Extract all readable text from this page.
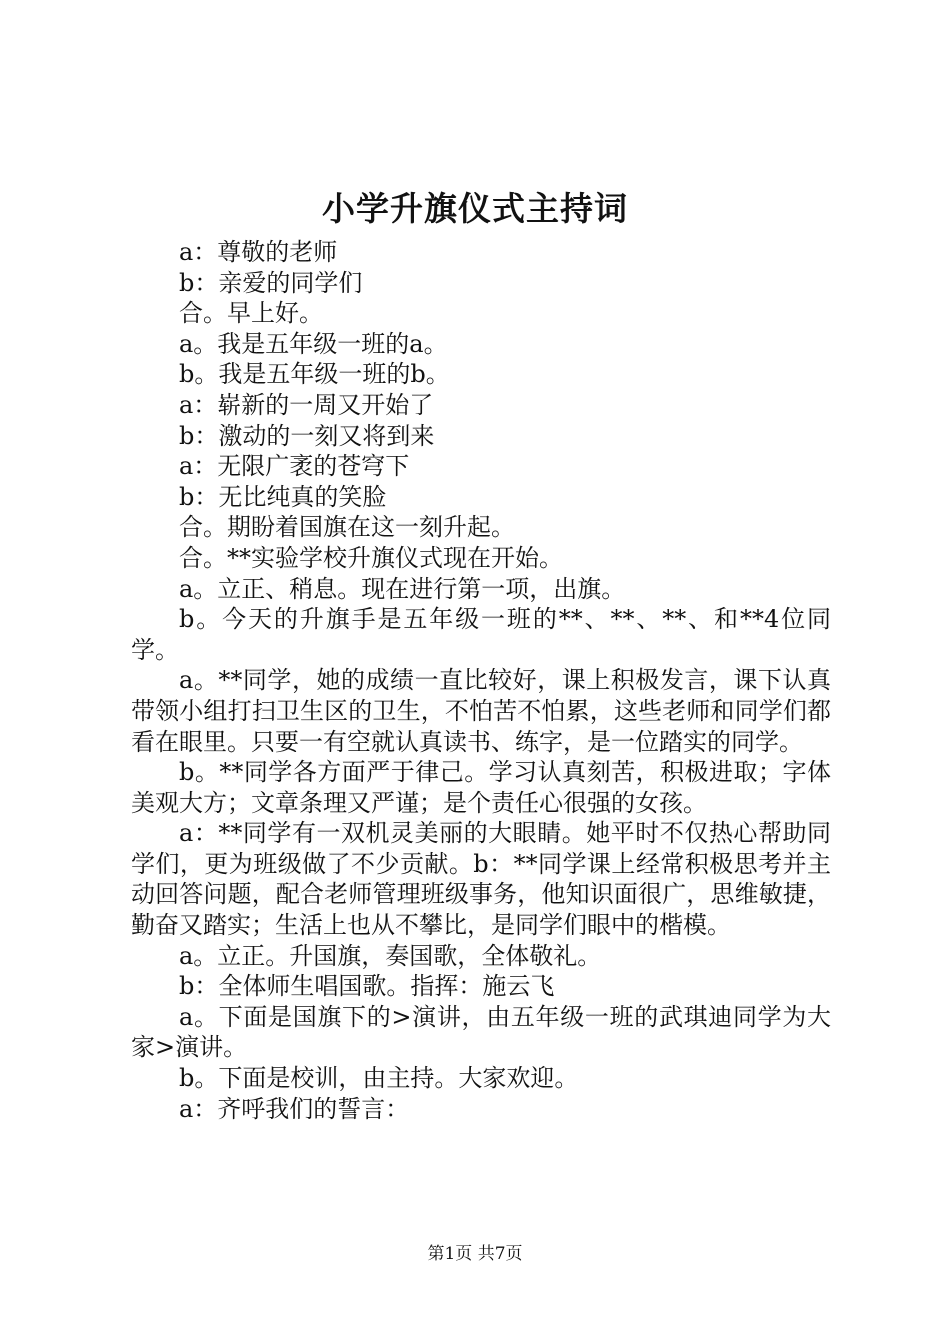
小学升旗仪式主持词

a：尊敬的老师

b：亲爱的同学们

合。早上好。

a。我是五年级一班的a。

b。我是五年级一班的b。

a：崭新的一周又开始了

b：激动的一刻又将到来

a：无限广袤的苍穹下

b：无比纯真的笑脸

合。期盼着国旗在这一刻升起。

合。**实验学校升旗仪式现在开始。

a。立正、稍息。现在进行第一项，出旗。

b。今天的升旗手是五年级一班的**、**、**、和**4位同学。

a。**同学，她的成绩一直比较好，课上积极发言，课下认真带领小组打扫卫生区的卫生，不怕苦不怕累，这些老师和同学们都看在眼里。只要一有空就认真读书、练字，是一位踏实的同学。

b。**同学各方面严于律己。学习认真刻苦，积极进取；字体美观大方；文章条理又严谨；是个责任心很强的女孩。

a：**同学有一双机灵美丽的大眼睛。她平时不仅热心帮助同学们，更为班级做了不少贡献。b：**同学课上经常积极思考并主动回答问题，配合老师管理班级事务，他知识面很广，思维敏捷，勤奋又踏实；生活上也从不攀比，是同学们眼中的楷模。

a。立正。升国旗，奏国歌，全体敬礼。

b：全体师生唱国歌。指挥：施云飞

a。下面是国旗下的>演讲，由五年级一班的武琪迪同学为大家>演讲。

b。下面是校训，由主持。大家欢迎。

a：齐呼我们的誓言：

第1页 共7页
